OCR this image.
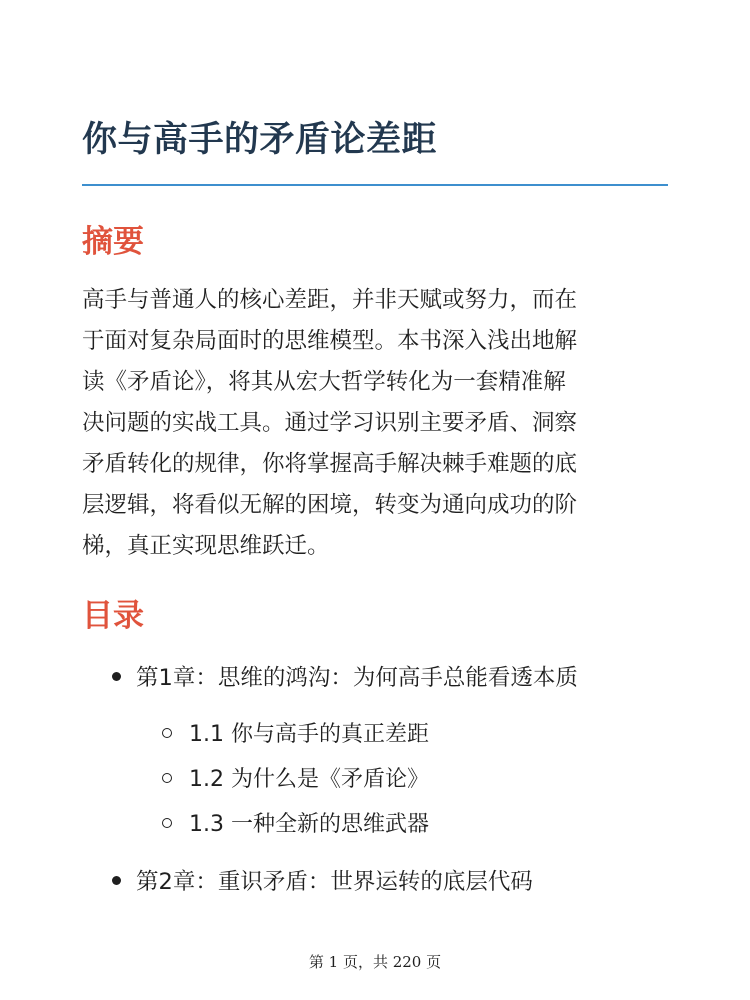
你与高手的矛盾论差距
摘要

高手与普通人的核心差距，并非天赋或努力，而在
于面对复杂局面时的思维模型。本书深入浅出地解
读《矛盾论》，将其从宏大哲学转化为一套精准解
决问题的实战工具。通过学习识别主要矛盾、洞察
矛盾转化的规律，你将掌握高手解决棘手难题的底
层逻辑，将看似无解的困境，转变为通向成功的阶
梯，真正实现思维跃迁。

目录
第1章：思维的鸿沟：为何高手总能看透本质
1.1 你与高手的真正差距
1.2 为什么是《矛盾论》
1.3 一种全新的思维武器
第2章：重识矛盾：世界运转的底层代码
第 1 页，共 220 页
